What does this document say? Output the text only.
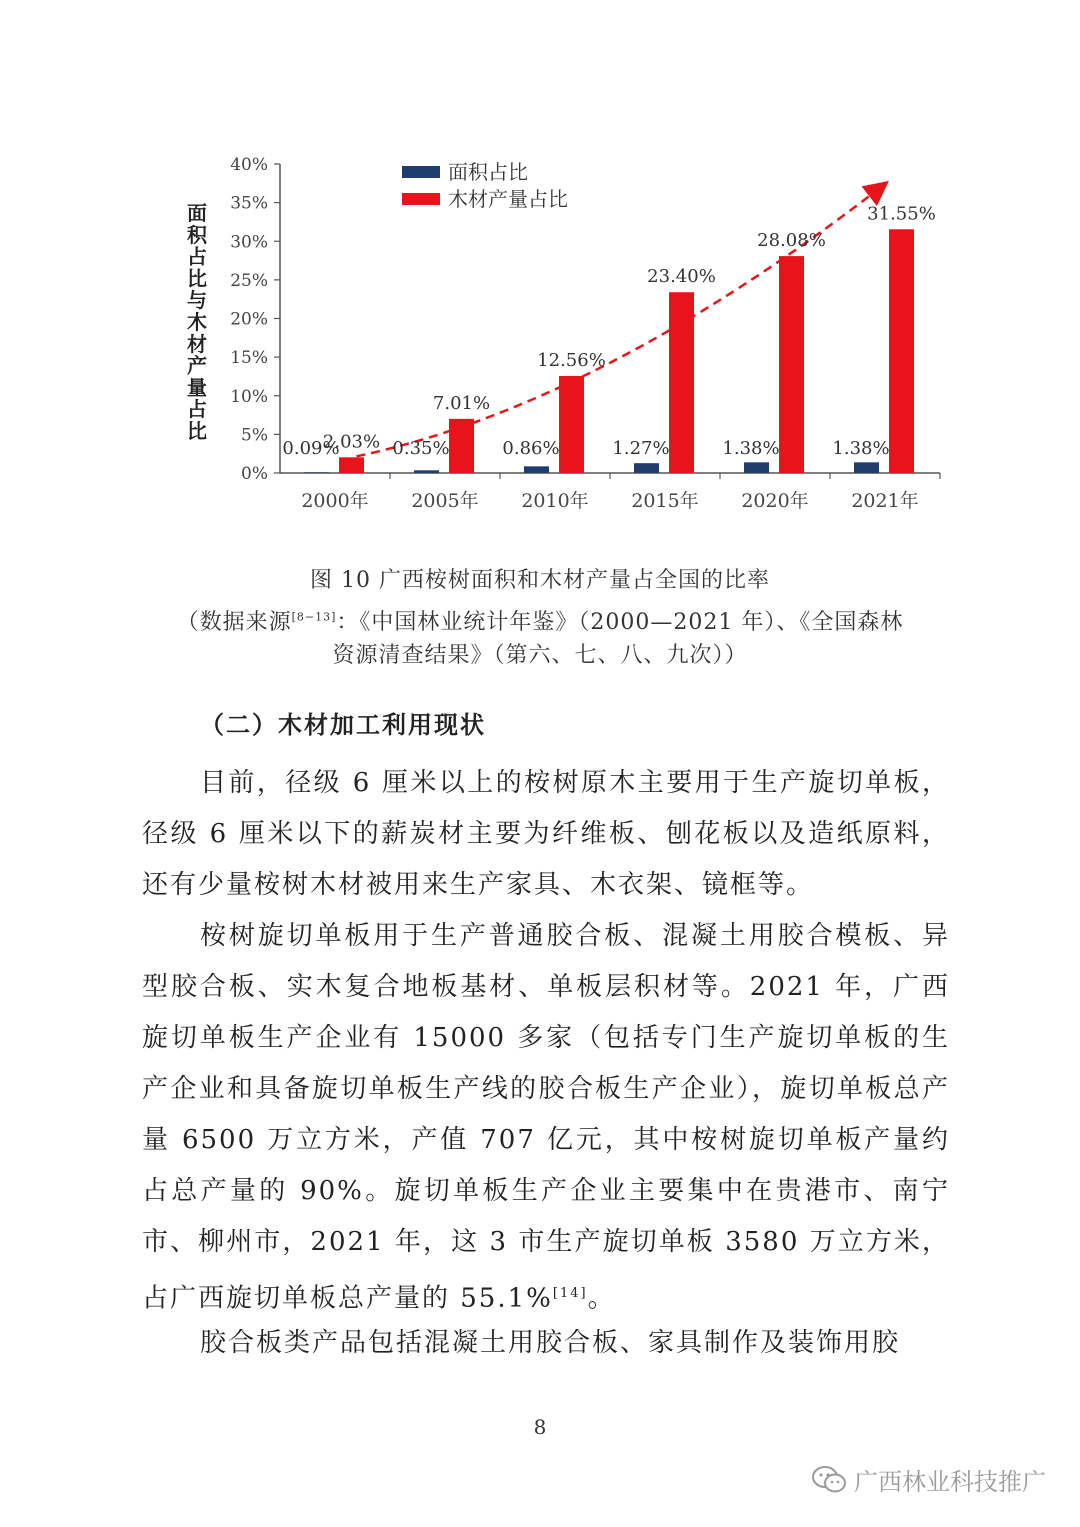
0%
5%
10%
15%
20%
25%
30%
35%
40%
面
积
占
比
与
木
材
产
量
占
比
2000年
2.03%
0.09%
2005年
7.01%
0.35%
2010年
12.56%
0.86%
2015年
23.40%
1.27%
2020年
28.08%
1.38%
2021年
31.55%
1.38%
面积占比
木材产量占比
图 10 广西桉树面积和木材产量占全国的比率
（数据来源[8−13]：《中国林业统计年鉴》（2000—2021 年）、《全国森林
资源清查结果》（第六、七、八、九次））
（二）木材加工利用现状
目前，径级 6 厘米以上的桉树原木主要用于生产旋切单板，径级 6 厘米以下的薪炭材主要为纤维板、刨花板以及造纸原料，还有少量桉树木材被用来生产家具、木衣架、镜框等。
桉树旋切单板用于生产普通胶合板、混凝土用胶合模板、异型胶合板、实木复合地板基材、单板层积材等。2021 年，广西旋切单板生产企业有 15000 多家（包括专门生产旋切单板的生产企业和具备旋切单板生产线的胶合板生产企业），旋切单板总产量 6500 万立方米，产值 707 亿元，其中桉树旋切单板产量约占总产量的 90%。旋切单板生产企业主要集中在贵港市、南宁市、柳州市，2021 年，这 3 市生产旋切单板 3580 万立方米，占广西旋切单板总产量的 55.1%[14]。
胶合板类产品包括混凝土用胶合板、家具制作及装饰用胶
8
广西林业科技推广
